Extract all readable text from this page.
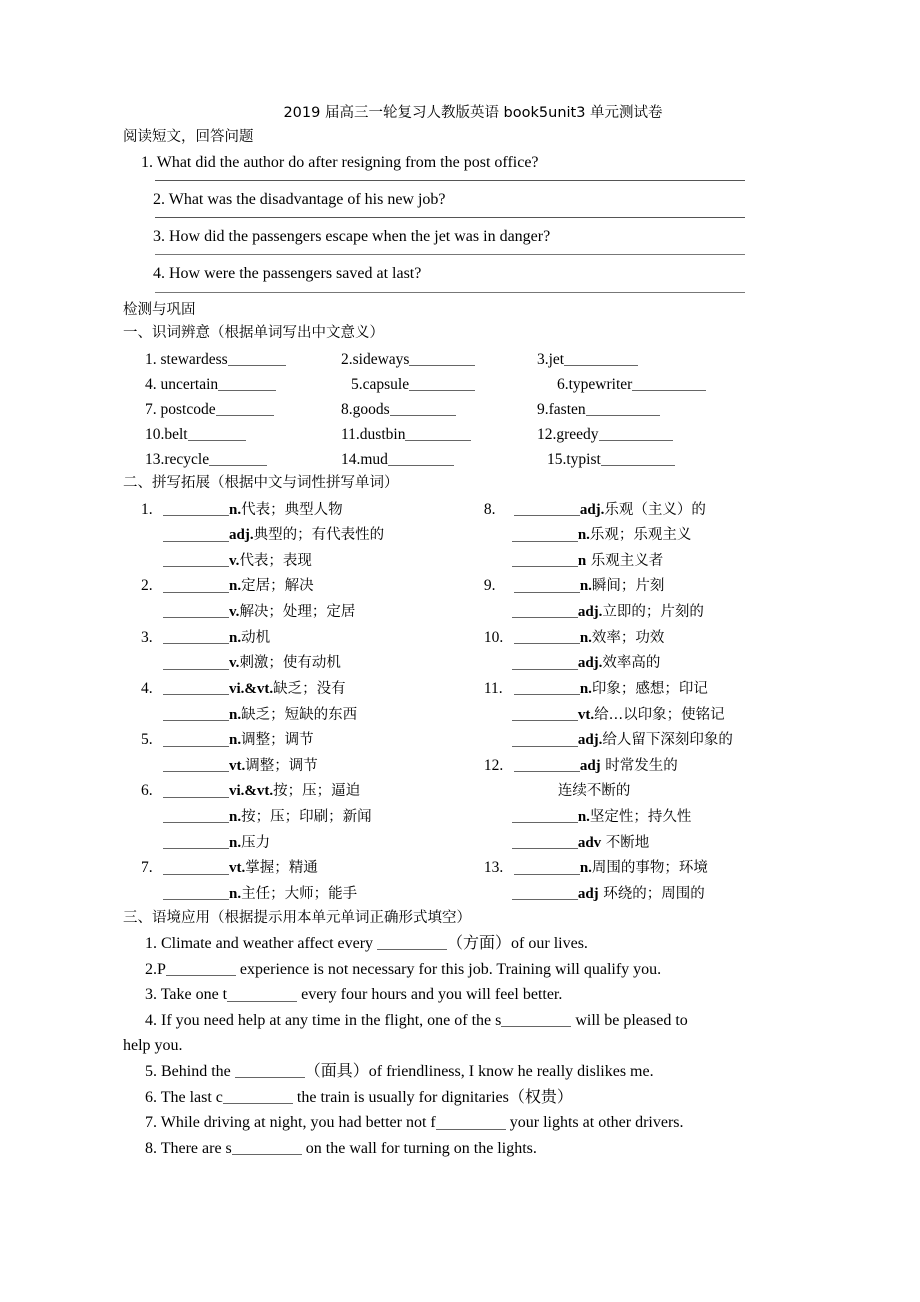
2019 届高三一轮复习人教版英语 book5unit3 单元测试卷
阅读短文，回答问题
1. What did the author do after resigning from the post office?
2. What was the disadvantage of his new job?
3. How did the passengers escape when the jet was in danger?
4. How were the passengers saved at last?
检测与巩固
一、识词辨意（根据单词写出中文意义）
1. stewardess	2.sideways	3.jet
4. uncertain	5.capsule	6.typewriter
7. postcode	8.goods	9.fasten
10.belt	11.dustbin	12.greedy
13.recycle	14.mud	15.typist
二、拼写拓展（根据中文与词性拼写单词）
1.	n.代表；典型人物
adj.典型的；有代表性的
v.代表；表现
2.	n.定居；解决
v.解决；处理；定居
3.	n.动机
v.刺激；使有动机
4.	vi.&vt.缺乏；没有
n.缺乏；短缺的东西
5.	n.调整；调节
vt.调整；调节
6.	vi.&vt.按；压；逼迫
n.按；压；印刷；新闻
n.压力
7.	vt.掌握；精通
n.主任；大师；能手
8.	adj.乐观（主义）的
n.乐观；乐观主义
n 乐观主义者
9.	n.瞬间；片刻
adj.立即的；片刻的
10.	n.效率；功效
adj.效率高的
11.	n.印象；感想；印记
vt.给…以印象；使铭记
adj.给人留下深刻印象的
12.	adj 时常发生的
连续不断的
n.坚定性；持久性
adv 不断地
13.	n.周围的事物；环境
adj 环绕的；周围的
三、语境应用（根据提示用本单元单词正确形式填空）
1. Climate and weather affect every	（方面）of our lives.
2.P	experience is not necessary for this job. Training will qualify you.
3. Take one t	every four hours and you will feel better.
4. If you need help at any time in the flight, one of the s	will be pleased to
help you.
5. Behind the	（面具）of friendliness, I know he really dislikes me.
6. The last c	the train is usually for dignitaries（权贵）
7. While driving at night, you had better not f	your lights at other drivers.
8. There are s	on the wall for turning on the lights.
